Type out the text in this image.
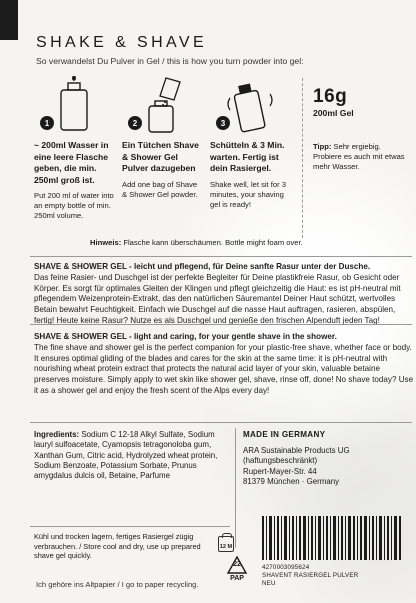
SHAKE & SHAVE
So verwandelst Du Pulver in Gel / this is how you turn powder into gel:
1
~ 200ml Wasser in eine leere Flasche geben, die min. 250ml groß ist.
Put 200 ml of water into an empty bottle of min. 250ml volume.
2
Ein Tütchen Shave & Shower Gel Pulver dazugeben
Add one bag of Shave & Shower Gel powder.
3
Schütteln & 3 Min. warten. Fertig ist dein Rasiergel.
Shake well, let sit for 3 minutes, your shaving gel is ready!
16g
200ml Gel
Tipp: Sehr ergiebig. Probiere es auch mit etwas mehr Wasser.
Hinweis: Flasche kann überschäumen. Bottle might foam over.
SHAVE & SHOWER GEL - leicht und pflegend, für Deine sanfte Rasur unter der Dusche.
Das feine Rasier- und Duschgel ist der perfekte Begleiter für Deine plastikfreie Rasur, ob Gesicht oder Körper. Es sorgt für optimales Gleiten der Klingen und pflegt gleichzeitig die Haut: es ist pH-neutral mit pflegendem Weizenprotein-Extrakt, das den natürlichen Säuremantel Deiner Haut schützt, wertvolles Betain bewahrt Feuchtigkeit. Einfach wie Duschgel auf die nasse Haut auftragen, rasieren, abspülen, fertig! Heute keine Rasur? Nutze es als Duschgel und genieße den frischen Alpenduft jeden Tag!
SHAVE & SHOWER GEL - light and caring, for your gentle shave in the shower.
The fine shave and shower gel is the perfect companion for your plastic-free shave, whether face or body. It ensures optimal gliding of the blades and cares for the skin at the same time: it is pH-neutral with nourishing wheat protein extract that protects the natural acid layer of your skin, valuable betaine preserves moisture. Simply apply to wet skin like shower gel, shave, rinse off, done! No shave today? Use it as a shower gel and enjoy the fresh scent of the Alps every day!
Ingredients: Sodium C 12-18 Alkyl Sulfate, Sodium lauryl sulfoacetate, Cyamopsis tetragonoloba gum, Xanthan Gum, Citric acid, Hydrolyzed wheat protein, Sodium Benzoate, Potassium Sorbate, Prunus amygdalus dulcis oil, Betaine, Parfume
MADE IN GERMANY
ARA Sustainable Products UG
(haftungsbeschränkt)
Rupert-Mayer-Str. 44
81379 München · Germany
Kühl und trocken lagern, fertiges Rasiergel zügig verbrauchen. / Store cool and dry, use up prepared shave gel quickly.
12 M
22
PAP
4270003095624
SHAVENT RASIERGEL PULVER
NEU
Ich gehöre ins Altpapier / I go to paper recycling.
